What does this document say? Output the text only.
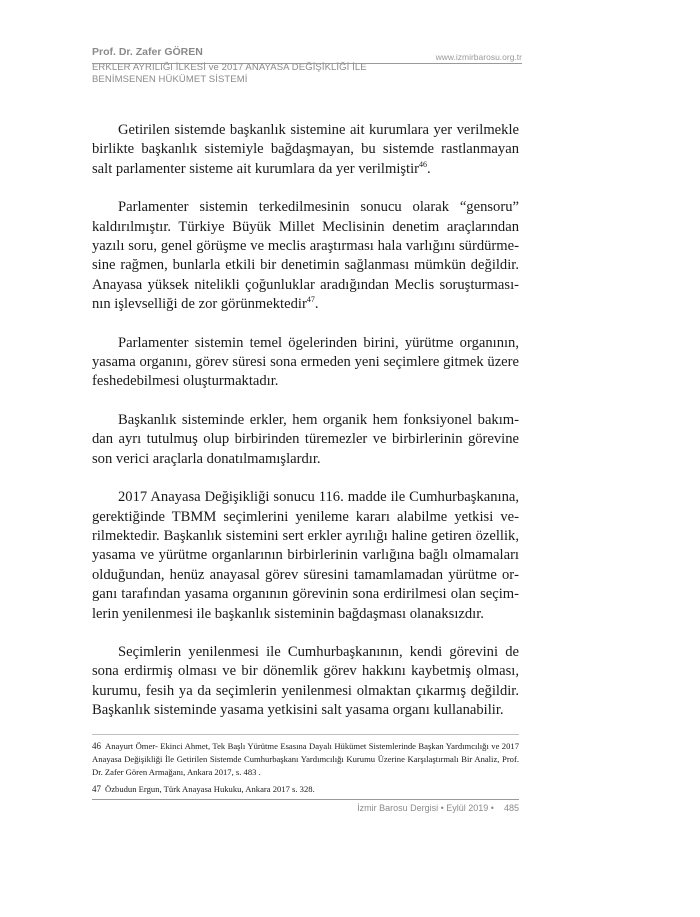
Prof. Dr. Zafer GÖREN	www.izmirbarosu.org.tr
ERKLER AYRILIĞI İLKESİ ve 2017 ANAYASA DEĞİŞİKLİĞİ İLE
BENİMSENEN HÜKÜMET SİSTEMİ

Getirilen sistemde başkanlık sistemine ait kurumlara yer verilmekle birlikte başkanlık sistemiyle bağdaşmayan, bu sistemde rastlanmayan salt parlamenter sisteme ait kurumlara da yer verilmiştir$^{46}$.

Parlamenter sistemin terkedilmesinin sonucu olarak “gensoru” kaldırılmıştır. Türkiye Büyük Millet Meclisinin denetim araçlarından yazılı soru, genel görüşme ve meclis araştırması hala varlığını sürdürmesine rağmen, bunlarla etkili bir denetimin sağlanması mümkün değildir. Anayasa yüksek nitelikli çoğunluklar aradığından Meclis soruşturmasının işlevselliği de zor görünmektedir$^{47}$.

Parlamenter sistemin temel ögelerinden birini, yürütme organının, yasama organını, görev süresi sona ermeden yeni seçimlere gitmek üzere feshedebilmesi oluşturmaktadır.

Başkanlık sisteminde erkler, hem organik hem fonksiyonel bakımdan ayrı tutulmuş olup birbirinden türemezler ve birbirlerinin görevine son verici araçlarla donatılmamışlardır.

2017 Anayasa Değişikliği sonucu 116. madde ile Cumhurbaşkanına, gerektiğinde TBMM seçimlerini yenileme kararı alabilme yetkisi verilmektedir. Başkanlık sistemini sert erkler ayrılığı haline getiren özellik, yasama ve yürütme organlarının birbirlerinin varlığına bağlı olmamaları olduğundan, henüz anayasal görev süresini tamamlamadan yürütme organı tarafından yasama organının görevinin sona erdirilmesi olan seçimlerin yenilenmesi ile başkanlık sisteminin bağdaşması olanaksızdır.

Seçimlerin yenilenmesi ile Cumhurbaşkanının, kendi görevini de sona erdirmiş olması ve bir dönemlik görev hakkını kaybetmiş olması, kurumu, fesih ya da seçimlerin yenilenmesi olmaktan çıkarmış değildir. Başkanlık sisteminde yasama yetkisini salt yasama organı kullanabilir.

46 Anayurt Ömer- Ekinci Ahmet, Tek Başlı Yürütme Esasına Dayalı Hükümet Sistemlerinde Başkan Yardımcılığı ve 2017 Anayasa Değişikliği İle Getirilen Sistemde Cumhurbaşkanı Yardımcılığı Kurumu Üzerine Karşılaştırmalı Bir Analiz, Prof. Dr. Zafer Gören Armağanı, Ankara 2017, s. 483 .
47 Özbudun Ergun, Türk Anayasa Hukuku, Ankara 2017 s. 328.
İzmir Barosu Dergisi • Eylül 2019 • 485
